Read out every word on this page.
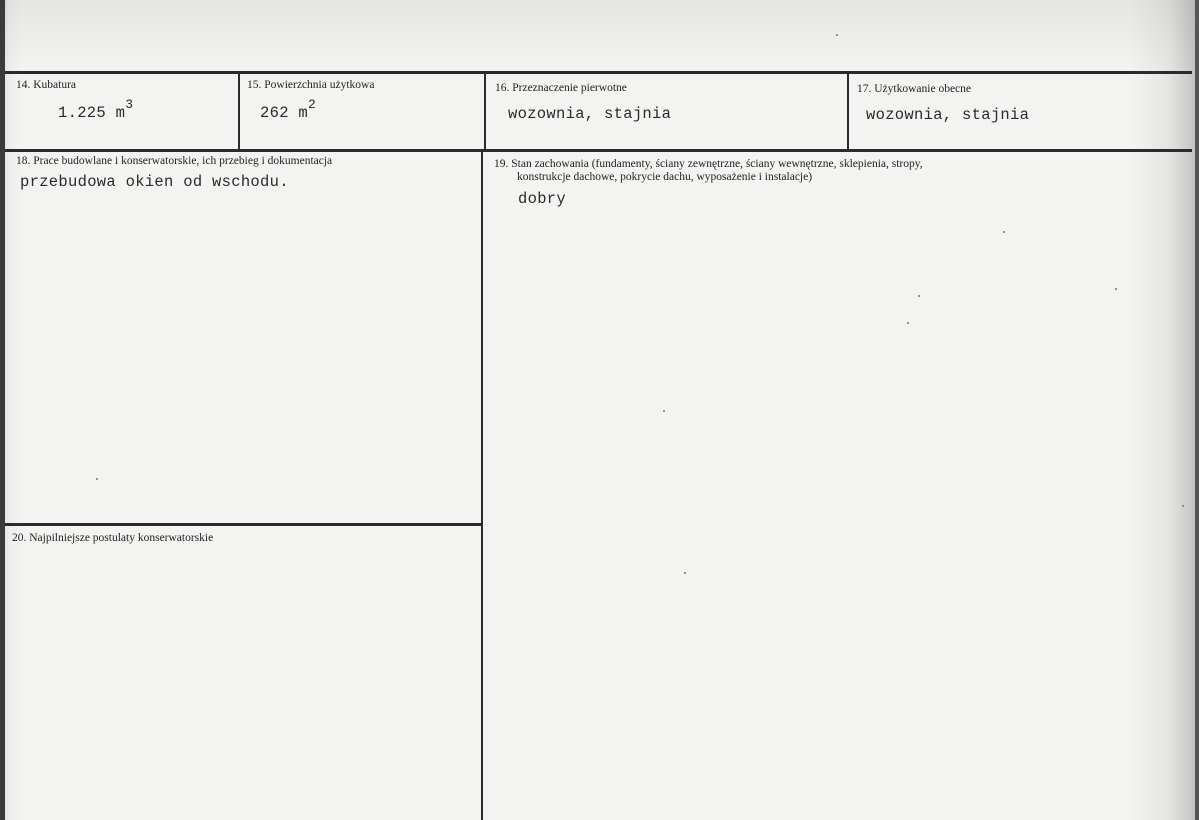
14. Kubatura
1.225 $m^3$
15. Powierzchnia użytkowa
262 $m^2$
16. Przeznaczenie pierwotne
wozownia, stajnia
17. Użytkowanie obecne
wozownia, stajnia
18. Prace budowlane i konserwatorskie, ich przebieg i dokumentacja
przebudowa okien od wschodu.
19. Stan zachowania (fundamenty, ściany zewnętrzne, ściany wewnętrzne, sklepienia, stropy,
konstrukcje dachowe, pokrycie dachu, wyposażenie i instalacje)
dobry
20. Najpilniejsze postulaty konserwatorskie
